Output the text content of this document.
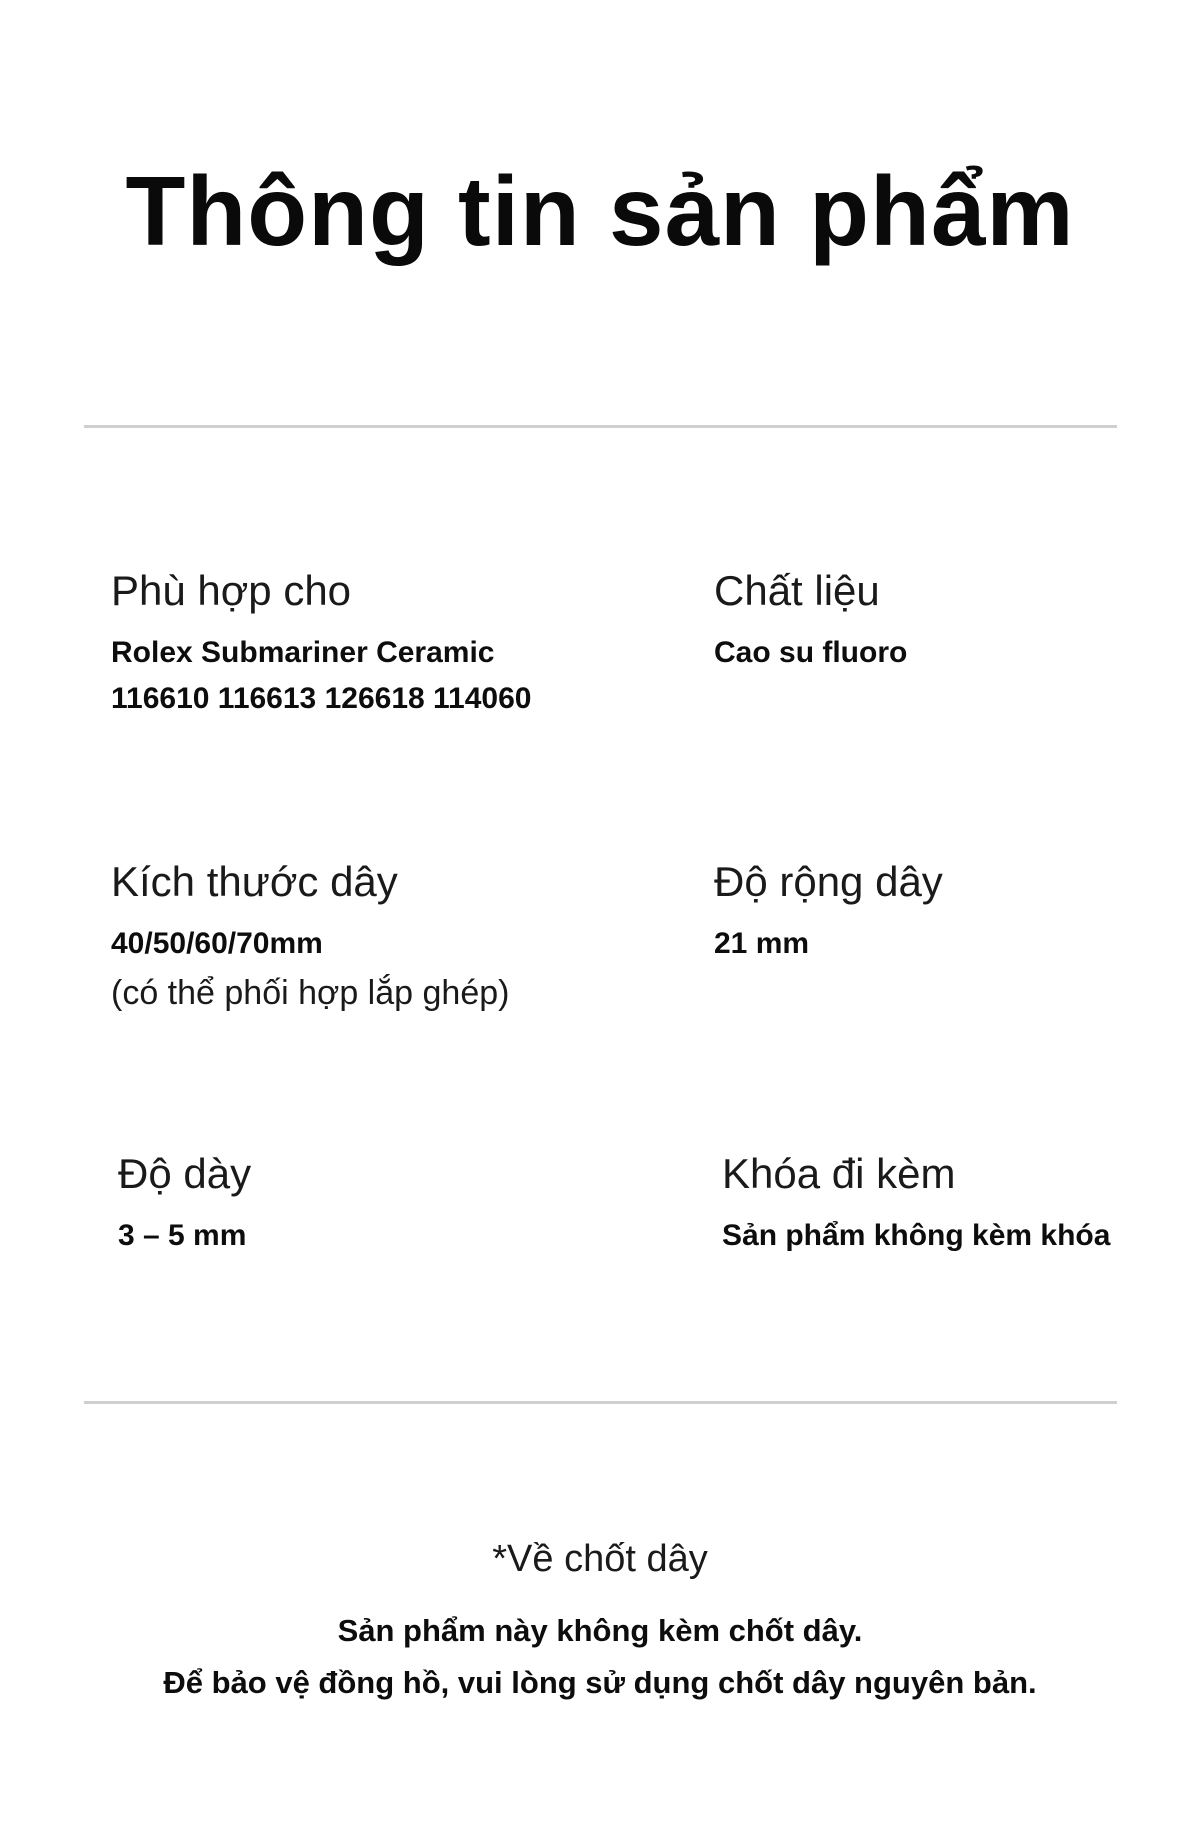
Thông tin sản phẩm
Phù hợp cho
Rolex Submariner Ceramic
116610 116613 126618 114060
Chất liệu
Cao su fluoro
Kích thước dây
40/50/60/70mm
(có thể phối hợp lắp ghép)
Độ rộng dây
21 mm
Độ dày
3 – 5 mm
Khóa đi kèm
Sản phẩm không kèm khóa
*Về chốt dây
Sản phẩm này không kèm chốt dây.
Để bảo vệ đồng hồ, vui lòng sử dụng chốt dây nguyên bản.
